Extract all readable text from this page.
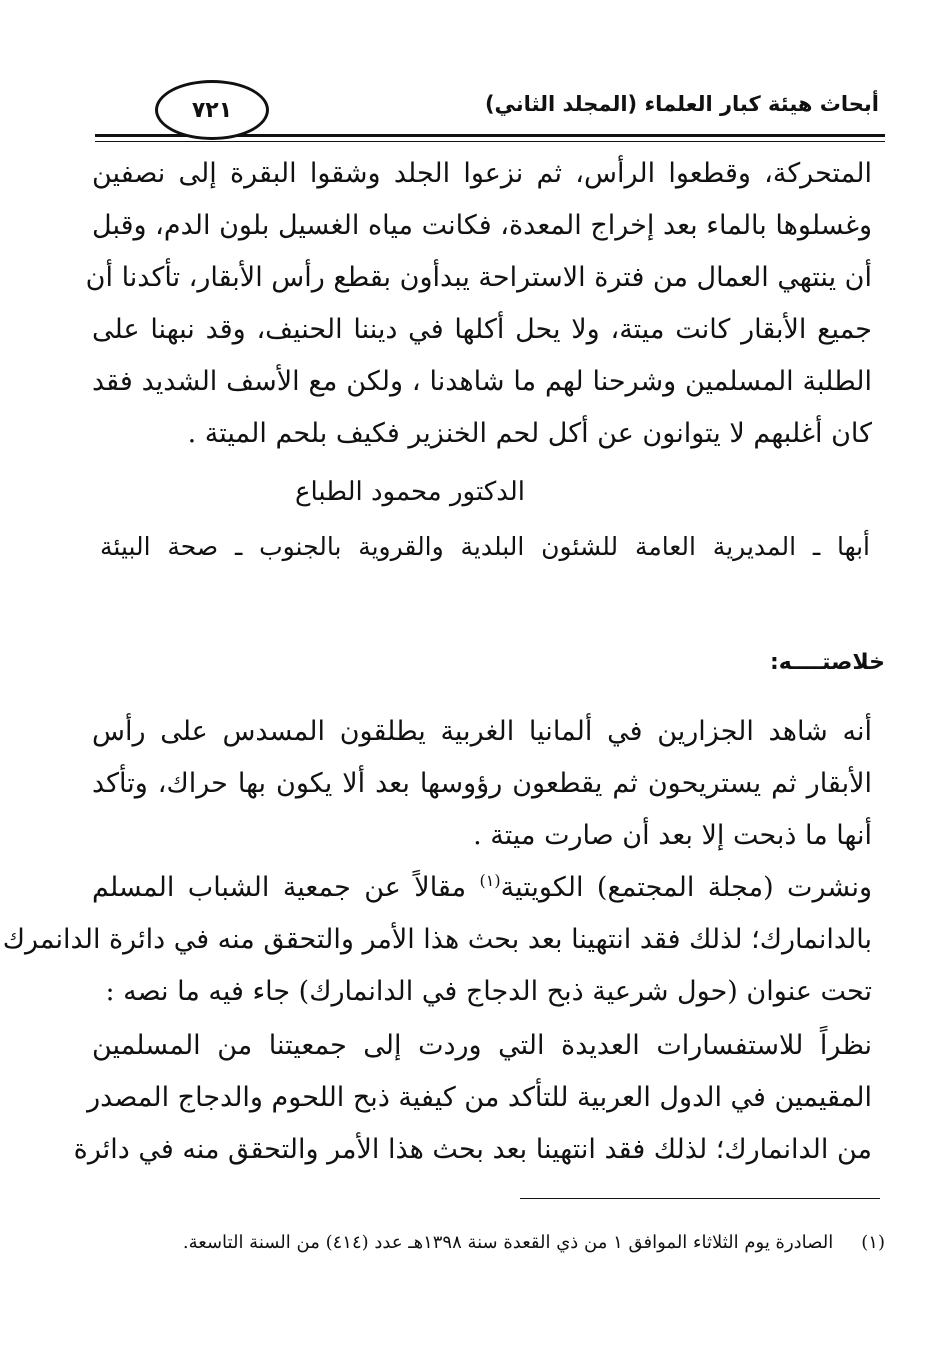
أبحاث هيئة كبار العلماء (المجلد الثاني)
٧٢١
المتحركة، وقطعوا الرأس، ثم نزعوا الجلد وشقوا البقرة إلى نصفين
وغسلوها بالماء بعد إخراج المعدة، فكانت مياه الغسيل بلون الدم، وقبل
أن ينتهي العمال من فترة الاستراحة يبدأون بقطع رأس الأبقار، تأكدنا أن
جميع الأبقار كانت ميتة، ولا يحل أكلها في ديننا الحنيف، وقد نبهنا على
الطلبة المسلمين وشرحنا لهم ما شاهدنا ، ولكن مع الأسف الشديد فقد
كان أغلبهم لا يتوانون عن أكل لحم الخنزير فكيف بلحم الميتة .
الدكتور محمود الطباع
أبها ـ المديرية العامة للشئون البلدية والقروية بالجنوب ـ صحة البيئة
خلاصتــــه:
أنه شاهد الجزارين في ألمانيا الغربية يطلقون المسدس على رأس
الأبقار ثم يستريحون ثم يقطعون رؤوسها بعد ألا يكون بها حراك، وتأكد
أنها ما ذبحت إلا بعد أن صارت ميتة .
ونشرت (مجلة المجتمع) الكويتية$^{(١)}$ مقالاً عن جمعية الشباب المسلم
بالدانمارك؛ لذلك فقد انتهينا بعد بحث هذا الأمر والتحقق منه في دائرة الدانمرك
تحت عنوان (حول شرعية ذبح الدجاج في الدانمارك) جاء فيه ما نصه :
نظراً للاستفسارات العديدة التي وردت إلى جمعيتنا من المسلمين
المقيمين في الدول العربية للتأكد من كيفية ذبح اللحوم والدجاج المصدر
من الدانمارك؛ لذلك فقد انتهينا بعد بحث هذا الأمر والتحقق منه في دائرة
(١)الصادرة يوم الثلاثاء الموافق ١ من ذي القعدة سنة ١٣٩٨هـ عدد (٤١٤) من السنة التاسعة.
